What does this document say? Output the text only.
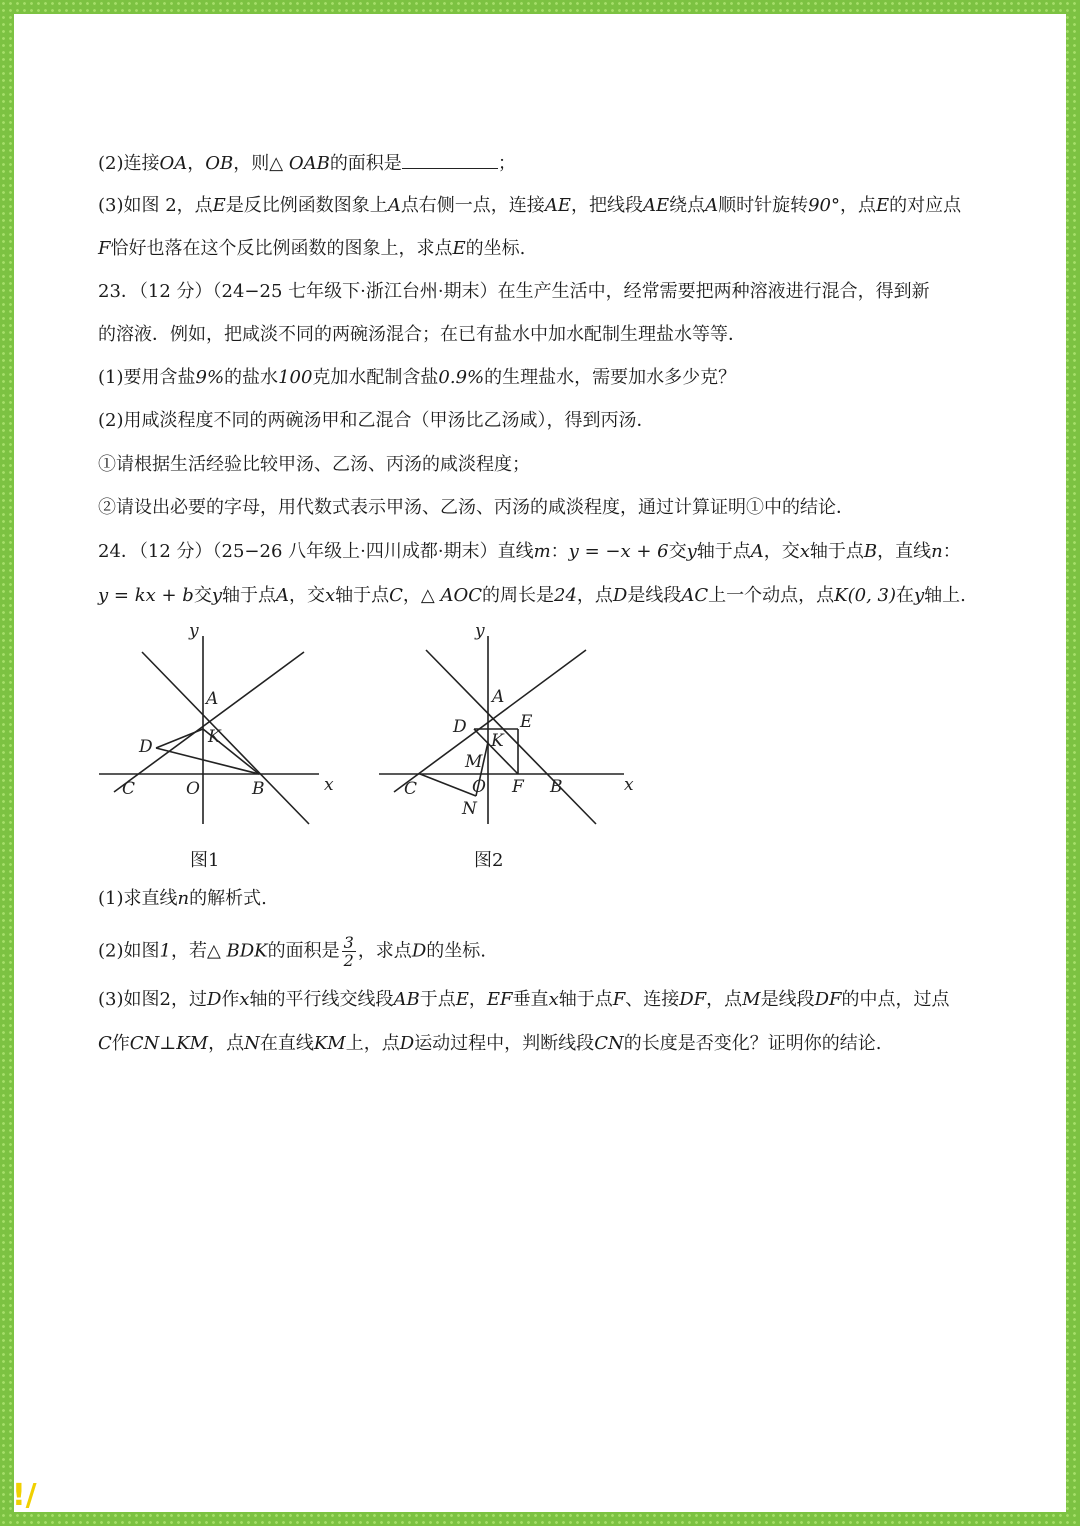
(2)连接OA，OB，则△ OAB的面积是	；
(3)如图 2，点E是反比例函数图象上A点右侧一点，连接AE，把线段AE绕点A顺时针旋转90°，点E的对应点
F恰好也落在这个反比例函数的图象上，求点E的坐标.
23．（12 分）（24−25 七年级下·浙江台州·期末）在生产生活中，经常需要把两种溶液进行混合，得到新
的溶液．例如，把咸淡不同的两碗汤混合；在已有盐水中加水配制生理盐水等等．
(1)要用含盐9%的盐水100克加水配制含盐0.9%的生理盐水，需要加水多少克？
(2)用咸淡程度不同的两碗汤甲和乙混合（甲汤比乙汤咸），得到丙汤．
①请根据生活经验比较甲汤、乙汤、丙汤的咸淡程度；
②请设出必要的字母，用代数式表示甲汤、乙汤、丙汤的咸淡程度，通过计算证明①中的结论．
24．（12 分）（25−26 八年级上·四川成都·期末）直线m：y = −x + 6交y轴于点A，交x轴于点B，直线n：
y = kx + b交y轴于点A，交x轴于点C，△ AOC的周长是24，点D是线段AC上一个动点，点K(0, 3)在y轴上.
y
x
A
K
D
C	O	B
图1
y
x
A
D	E
K
M
C	O F B
N
图2
(1)求直线n的解析式.
(2)如图1，若△ BDK的面积是 $\frac{3}{2}$ ，求点D的坐标.
(3)如图2，过D作x轴的平行线交线段AB于点E，EF垂直x轴于点F、连接DF，点M是线段DF的中点，过点
C作CN⊥KM，点N在直线KM上，点D运动过程中，判断线段CN的长度是否变化？证明你的结论.
!/
